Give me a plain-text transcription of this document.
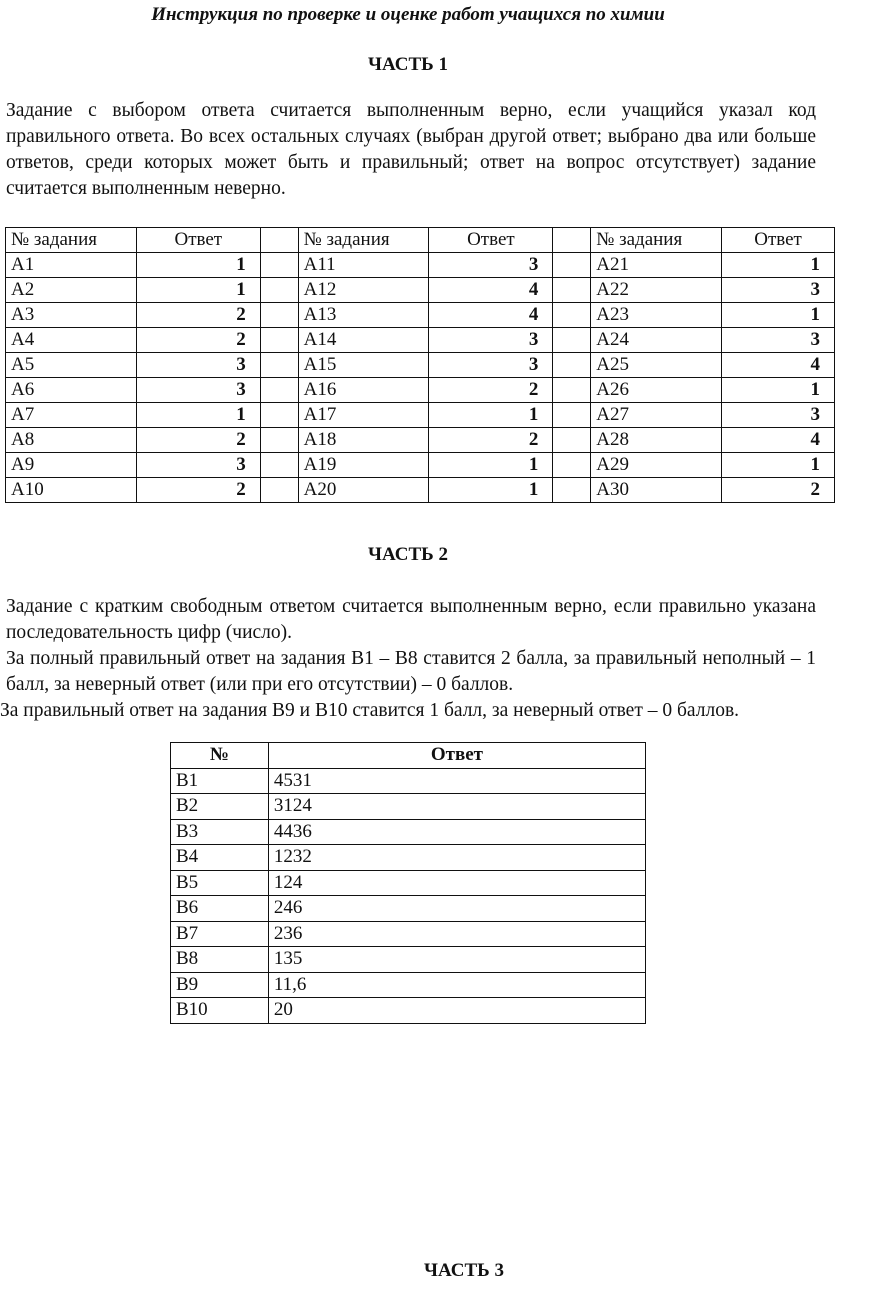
Инструкция по проверке и оценке работ учащихся по химии
ЧАСТЬ 1

Задание с выбором ответа считается выполненным верно, если учащийся указал код правильного ответа. Во всех остальных случаях (выбран другой ответ; выбрано два или больше ответов, среди которых может быть и правильный; ответ на вопрос отсутствует) задание считается выполненным неверно.

№ задания	Ответ		№ задания	Ответ		№ задания	Ответ
А1	1		А11	3		А21	1
А2	1		А12	4		А22	3
А3	2		А13	4		А23	1
А4	2		А14	3		А24	3
А5	3		А15	3		А25	4
А6	3		А16	2		А26	1
А7	1		А17	1		А27	3
А8	2		А18	2		А28	4
А9	3		А19	1		А29	1
А10	2		А20	1		А30	2
ЧАСТЬ 2

Задание с кратким свободным ответом считается выполненным верно, если правильно указана последовательность цифр (число).

За полный правильный ответ на задания В1 – В8 ставится 2 балла, за правильный неполный – 1 балл, за неверный ответ (или при его отсутствии) – 0 баллов.

За правильный ответ на задания В9 и В10 ставится 1 балл, за неверный ответ – 0 баллов.

№	Ответ
В1	4531
В2	3124
В3	4436
В4	1232
В5	124
В6	246
В7	236
В8	135
В9	11,6
В10	20
ЧАСТЬ 3
